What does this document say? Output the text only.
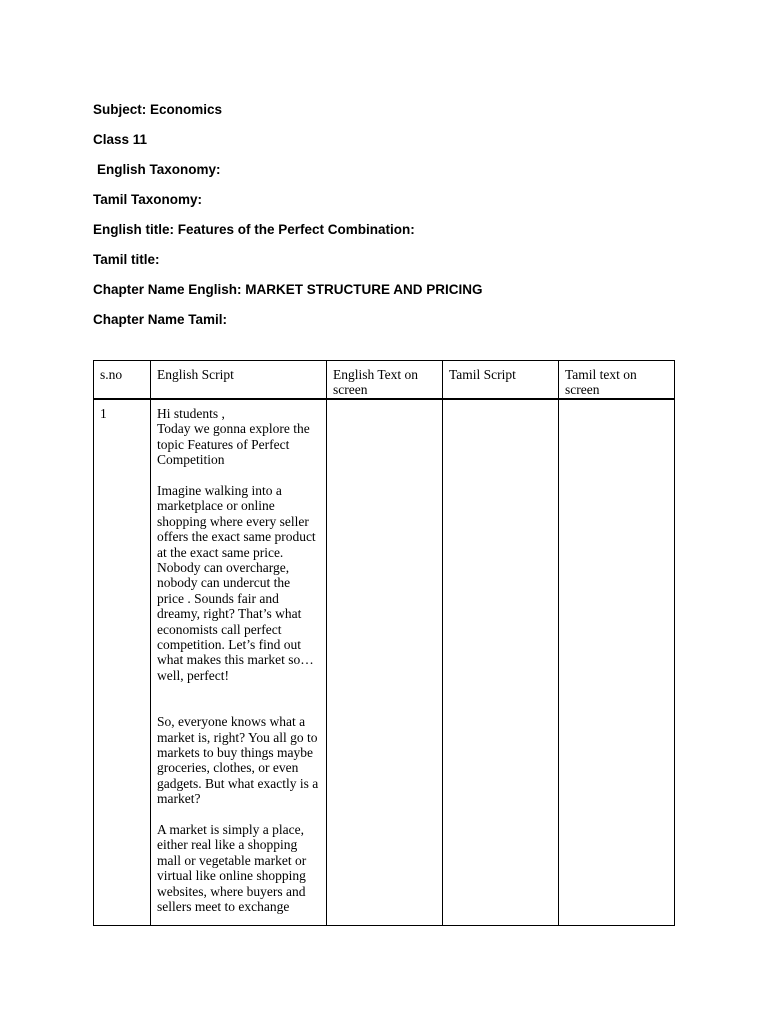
Subject: Economics
Class 11
English Taxonomy:
Tamil Taxonomy:
English title: Features of the Perfect Combination:
Tamil title:
Chapter Name English: MARKET STRUCTURE AND PRICING
Chapter Name Tamil:
s.no	English Script	English Text on screen	Tamil Script	Tamil text on screen
1	Hi students ,
Today we gonna explore the topic Features of Perfect Competition
Imagine walking into a marketplace or online shopping where every seller offers the exact same product at the exact same price. Nobody can overcharge, nobody can undercut the price . Sounds fair and dreamy, right? That’s what economists call perfect competition. Let’s find out what makes this market so… well, perfect!
So, everyone knows what a market is, right? You all go to markets to buy things maybe groceries, clothes, or even gadgets. But what exactly is a market?
A market is simply a place, either real like a shopping mall or vegetable market or virtual like online shopping websites, where buyers and sellers meet to exchange			
